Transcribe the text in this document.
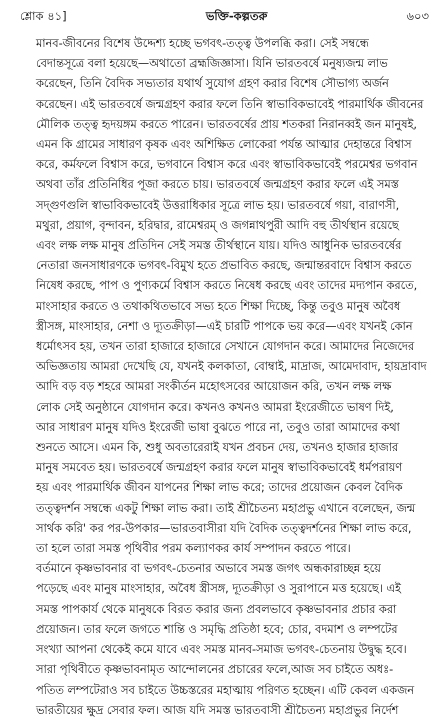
শ্লোক ৪১]	ভক্তি-কল্পতরু	৬০৩

মানব-জীবনের বিশেষ উদ্দেশ্য হচ্ছে ভগবৎ-তত্ত্ব উপলব্ধি করা। সেই সম্বন্ধে
বেদান্তসূত্রে বলা হয়েছে—অথাতো ব্রহ্মজিজ্ঞাসা। যিনি ভারতবর্ষে মনুষ্যজন্ম লাভ
করেছেন, তিনি বৈদিক সভ্যতার যথার্থ সুযোগ গ্রহণ করার বিশেষ সৌভাগ্য অর্জন
করেছেন। এই ভারতবর্ষে জন্মগ্রহণ করার ফলে তিনি স্বাভাবিকভাবেই পারমার্থিক জীবনের
মৌলিক তত্ত্ব হৃদয়ঙ্গম করতে পারেন। ভারতবর্ষের প্রায় শতকরা নিরানব্বই জন মানুষই,
এমন কি গ্রামের সাধারণ কৃষক এবং অশিক্ষিত লোকেরা পর্যন্ত আত্মার দেহান্তরে বিশ্বাস
করে, কর্মফলে বিশ্বাস করে, ভগবানে বিশ্বাস করে এবং স্বাভাবিকভাবেই পরমেশ্বর ভগবান
অথবা তাঁর প্রতিনিধির পূজা করতে চায়। ভারতবর্ষে জন্মগ্রহণ করার ফলে এই সমস্ত
সদ্‌গুণগুলি স্বাভাবিকভাবেই উত্তরাধিকার সূত্রে লাভ হয়। ভারতবর্ষে গয়া, বারাণসী,
মথুরা, প্রয়াগ, বৃন্দাবন, হরিদ্বার, রামেশ্বরম্‌ ও জগন্নাথপুরী আদি বহু তীর্থস্থান রয়েছে
এবং লক্ষ লক্ষ মানুষ প্রতিদিন সেই সমস্ত তীর্থস্থানে যায়। যদিও আধুনিক ভারতবর্ষের
নেতারা জনসাধারণকে ভগবৎ-বিমুখ হতে প্রভাবিত করছে, জন্মান্তরবাদে বিশ্বাস করতে
নিষেধ করছে, পাপ ও পুণ্যকর্মে বিশ্বাস করতে নিষেধ করছে এবং তাদের মদ্যপান করতে,
মাংসাহার করতে ও তথাকথিতভাবে সভ্য হতে শিক্ষা দিচ্ছে, কিন্তু তবুও মানুষ অবৈধ
স্ত্রীসঙ্গ, মাংসাহার, নেশা ও দ্যূতক্রীড়া—এই চারটি পাপকে ভয় করে—এবং যখনই কোন
ধর্মোৎসব হয়, তখন তারা হাজারে হাজারে সেখানে যোগদান করে। আমাদের নিজেদের
অভিজ্ঞতায় আমরা দেখেছি যে, যখনই কলকাতা, বোম্বাই, মাদ্রাজ, আমেদাবাদ, হায়দ্রাবাদ
আদি বড় বড় শহরে আমরা সংকীর্তন মহোৎসবের আয়োজন করি, তখন লক্ষ লক্ষ
লোক সেই অনুষ্ঠানে যোগদান করে। কখনও কখনও আমরা ইংরেজীতে ভাষণ দিই,
আর সাধারণ মানুষ যদিও ইংরেজী ভাষা বুঝতে পারে না, তবুও তারা আমাদের কথা
শুনতে আসে। এমন কি, শুধু অবতারেরাই যখন প্রবচন দেয়, তখনও হাজার হাজার
মানুষ সমবেত হয়। ভারতবর্ষে জন্মগ্রহণ করার ফলে মানুষ স্বাভাবিকভাবেই ধর্মপরায়ণ
হয় এবং পারমার্থিক জীবন যাপনের শিক্ষা লাভ করে; তাদের প্রয়োজন কেবল বৈদিক
তত্ত্বদর্শন সম্বন্ধে একটু শিক্ষা লাভ করা। তাই শ্রীচৈতন্য মহাপ্রভু এখানে বলেছেন, জন্ম
সার্থক করি' কর পর-উপকার—ভারতবাসীরা যদি বৈদিক তত্ত্বদর্শনের শিক্ষা লাভ করে,
তা হলে তারা সমস্ত পৃথিবীর পরম কল্যাণকর কার্য সম্পাদন করতে পারে।

বর্তমানে কৃষ্ণভাবনার বা ভগবৎ-চেতনার অভাবে সমস্ত জগৎ অন্ধকারাচ্ছন্ন হয়ে
পড়েছে এবং মানুষ মাংসাহার, অবৈধ স্ত্রীসঙ্গ, দ্যূতক্রীড়া ও সুরাপানে মত্ত হয়েছে। এই
সমস্ত পাপকার্য থেকে মানুষকে বিরত করার জন্য প্রবলভাবে কৃষ্ণভাবনার প্রচার করা
প্রয়োজন। তার ফলে জগতে শান্তি ও সমৃদ্ধি প্রতিষ্ঠা হবে; চোর, বদমাশ ও লম্পটের
সংখ্যা আপনা থেকেই কমে যাবে এবং সমস্ত মানব-সমাজ ভগবৎ-চেতনায় উদ্বুদ্ধ হবে।

সারা পৃথিবীতে কৃষ্ণভাবনামৃত আন্দোলনের প্রচারের ফলে,আজ সব চাইতে অধঃ-
পতিত লম্পটেরাও সব চাইতে উচ্চস্তরের মহাত্মায় পরিণত হচ্ছেন। এটি কেবল একজন
ভারতীয়ের ক্ষুদ্র সেবার ফল। আজ যদি সমস্ত ভারতবাসী শ্রীচৈতন্য মহাপ্রভুর নির্দেশ
